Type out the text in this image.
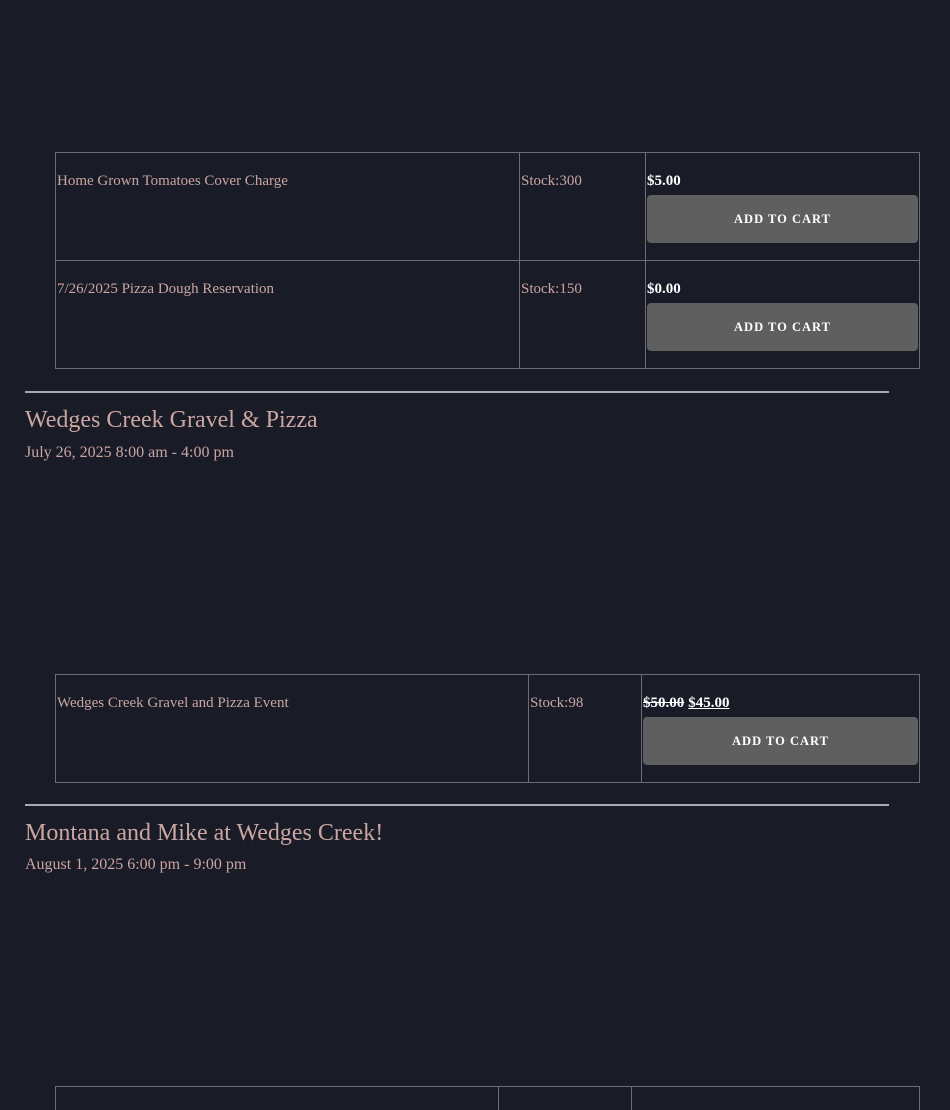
Home Grown Tomatoes Cover Charge	Stock:300	$5.00
ADD TO CART

7/26/2025 Pizza Dough Reservation	Stock:150	$0.00
ADD TO CART
Wedges Creek Gravel & Pizza

July 26, 2025 8:00 am - 4:00 pm

Wedges Creek Gravel and Pizza Event	Stock:98	$50.00 $45.00
ADD TO CART
Montana and Mike at Wedges Creek!

August 1, 2025 6:00 pm - 9:00 pm
